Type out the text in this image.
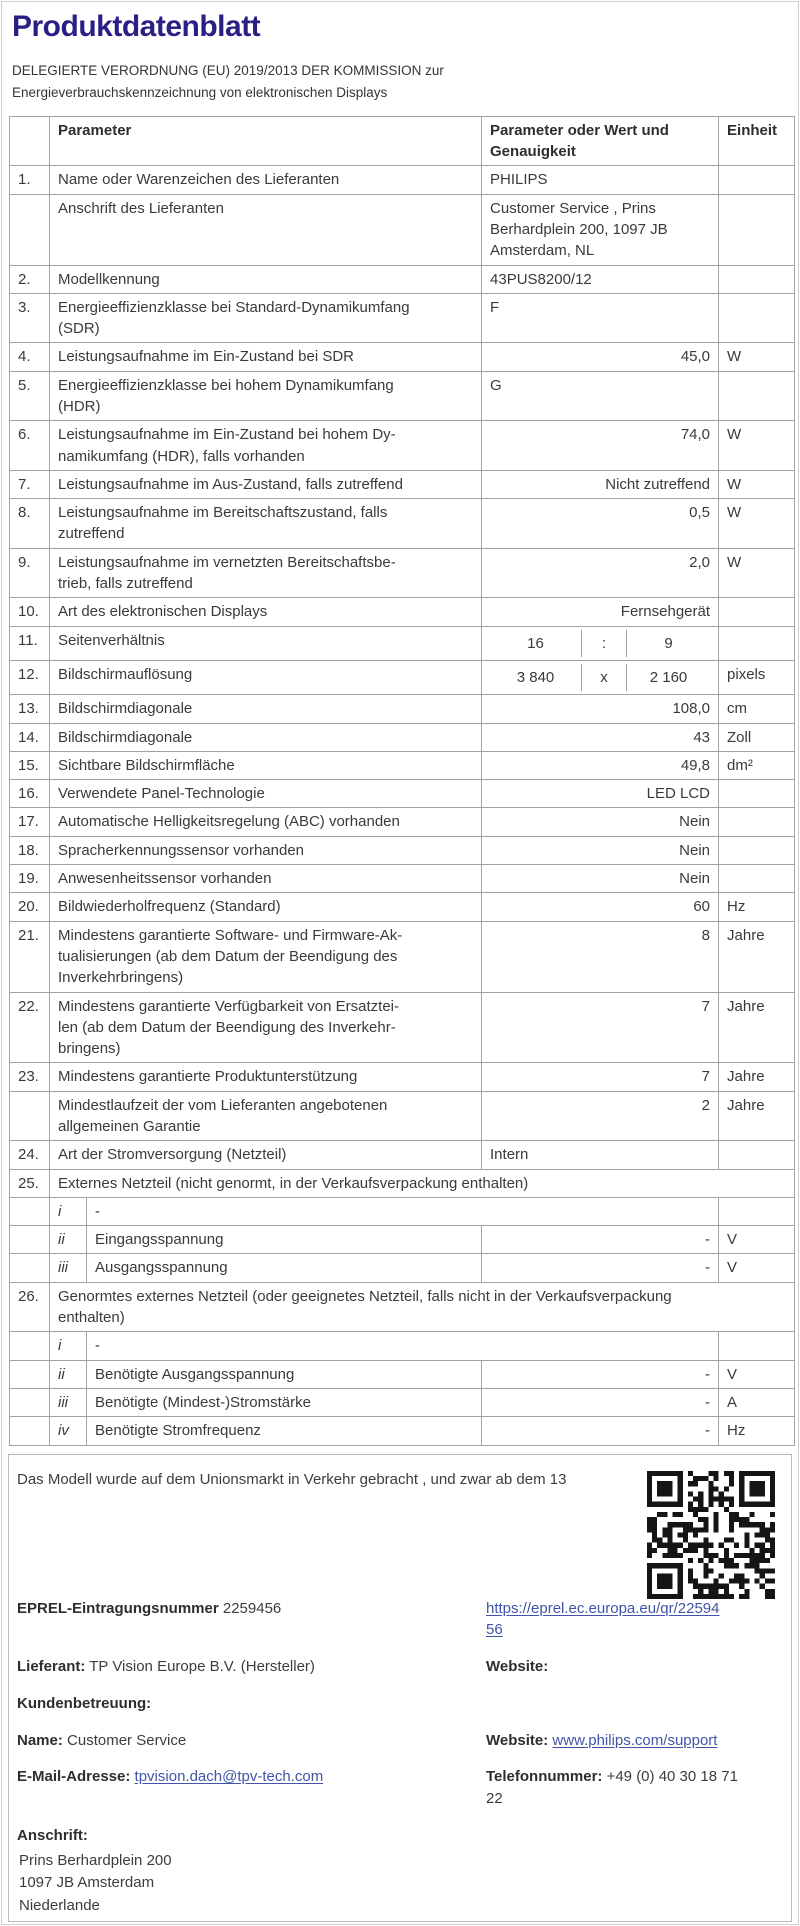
Produktdatenblatt

DELEGIERTE VERORDNUNG (EU) 2019/2013 DER KOMMISSION zur
Energieverbrauchskennzeichnung von elektronischen Displays

	Parameter		Parameter oder Wert und Genauigkeit	Einheit
1.	Name oder Warenzeichen des Lieferanten		PHILIPS	
	Anschrift des Lieferanten		Customer Service , Prins
Berhardplein 200, 1097 JB
Amsterdam, NL	
2.	Modellkennung		43PUS8200/12	
3.	Energieeffizienzklasse bei Standard-Dynamikumfang
(SDR)		F	
4.	Leistungsaufnahme im Ein-Zustand bei SDR		45,0	W
5.	Energieeffizienzklasse bei hohem Dynamikumfang
(HDR)		G	
6.	Leistungsaufnahme im Ein-Zustand bei hohem Dy-
namikumfang (HDR), falls vorhanden		74,0	W
7.	Leistungsaufnahme im Aus-Zustand, falls zutreffend		Nicht zutreffend	W
8.	Leistungsaufnahme im Bereitschaftszustand, falls
zutreffend		0,5	W
9.	Leistungsaufnahme im vernetzten Bereitschaftsbe-
trieb, falls zutreffend		2,0	W
10.	Art des elektronischen Displays		Fernsehgerät	
11.	Seitenverhältnis		16 : 9	

12.	Bildschirmauflösung		3 840 x 2 160	pixels
13.	Bildschirmdiagonale		108,0	cm
14.	Bildschirmdiagonale		43	Zoll
15.	Sichtbare Bildschirmfläche		49,8	dm²
16.	Verwendete Panel-Technologie		LED LCD	
17.	Automatische Helligkeitsregelung (ABC) vorhanden		Nein	
18.	Spracherkennungssensor vorhanden		Nein	
19.	Anwesenheitssensor vorhanden		Nein	
20.	Bildwiederholfrequenz (Standard)		60	Hz
21.	Mindestens garantierte Software- und Firmware-Ak-
tualisierungen (ab dem Datum der Beendigung des
Inverkehrbringens)		8	Jahre
22.	Mindestens garantierte Verfügbarkeit von Ersatztei-
len (ab dem Datum der Beendigung des Inverkehr-
bringens)		7	Jahre
23.	Mindestens garantierte Produktunterstützung		7	Jahre
	Mindestlaufzeit der vom Lieferanten angebotenen
allgemeinen Garantie		2	Jahre
24.	Art der Stromversorgung (Netzteil)		Intern	
25.	Externes Netzteil (nicht genormt, in der Verkaufsverpackung enthalten)			
	i	-		
	ii	Eingangsspannung	-	V
	iii	Ausgangsspannung	-	V
26.	Genormtes externes Netzteil (oder geeignetes Netzteil, falls nicht in der Verkaufsverpackung
enthalten)			
	i	-		
	ii	Benötigte Ausgangsspannung	-	V
	iii	Benötigte (Mindest-)Stromstärke	-	A
	iv	Benötigte Stromfrequenz	-	Hz

Das Modell wurde auf dem Unionsmarkt in Verkehr gebracht , und zwar ab dem 13

EPREL-Eintragungsnummer 2259456	https://eprel.ec.europa.eu/qr/2259456
Lieferant: TP Vision Europe B.V. (Hersteller)	Website:
Kundenbetreuung:
Name: Customer Service	Website: www.philips.com/support
E-Mail-Adresse: tpvision.dach@tpv-tech.com	Telefonnummer: +49 (0) 40 30 18 71 22
Anschrift:
Prins Berhardplein 200
1097 JB Amsterdam
Niederlande
